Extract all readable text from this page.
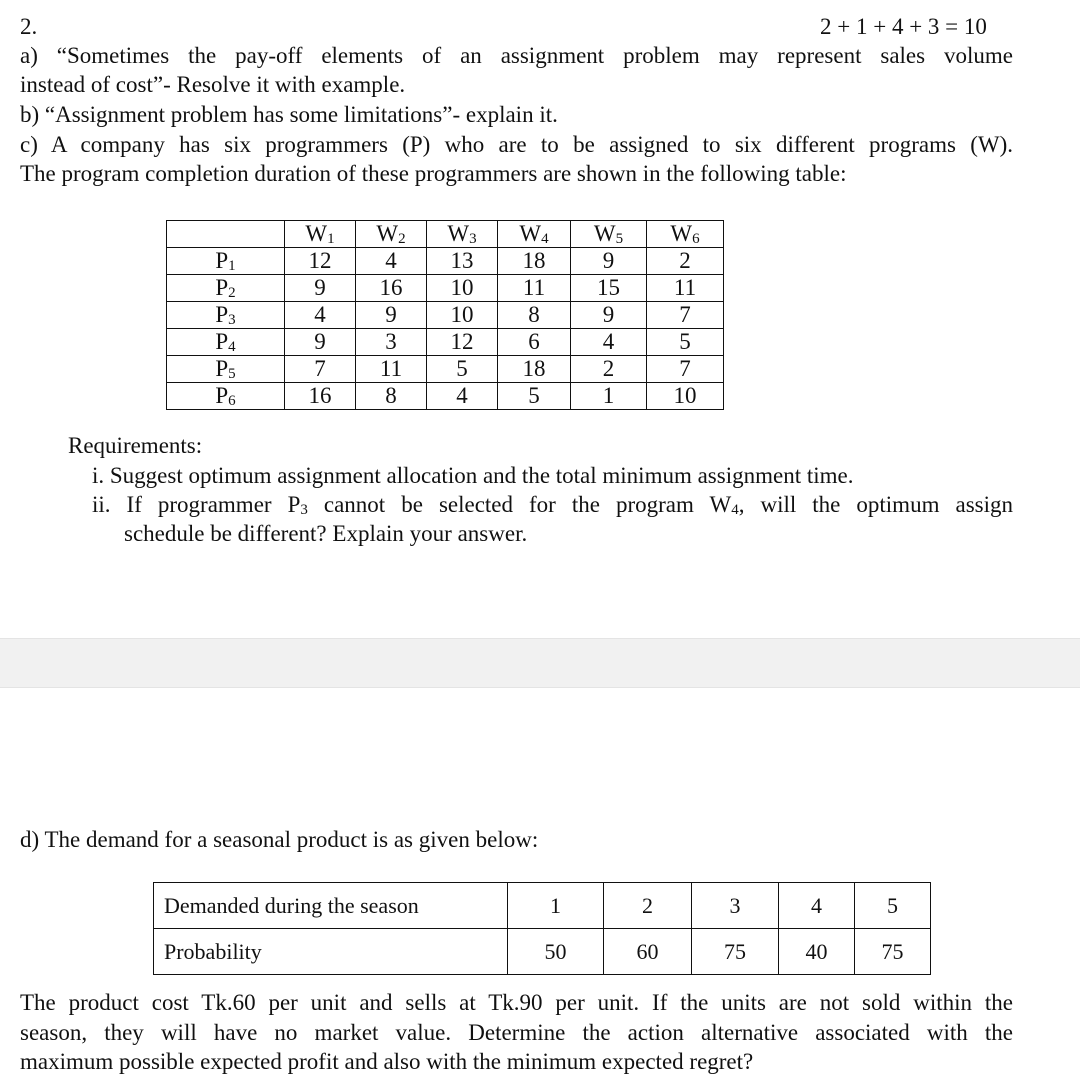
2.	2 + 1 + 4 + 3 = 10
a) “Sometimes the pay-off elements of an assignment problem may represent sales volume
instead of cost”- Resolve it with example.
b) “Assignment problem has some limitations”- explain it.
c) A company has six programmers (P) who are to be assigned to six different programs (W).
The program completion duration of these programmers are shown in the following table:
	$W_1$	$W_2$	$W_3$	$W_4$	$W_5$	$W_6$
$P_1$	12	4	13	18	9	2
$P_2$	9	16	10	11	15	11
$P_3$	4	9	10	8	9	7
$P_4$	9	3	12	6	4	5
$P_5$	7	11	5	18	2	7
$P_6$	16	8	4	5	1	10
Requirements:
i. Suggest optimum assignment allocation and the total minimum assignment time.
ii. If programmer $P_3$ cannot be selected for the program $W_4$, will the optimum assign
schedule be different? Explain your answer.
d) The demand for a seasonal product is as given below:
Demanded during the season	1	2	3	4	5
Probability	50	60	75	40	75
The product cost Tk.60 per unit and sells at Tk.90 per unit. If the units are not sold within the
season, they will have no market value. Determine the action alternative associated with the
maximum possible expected profit and also with the minimum expected regret?
